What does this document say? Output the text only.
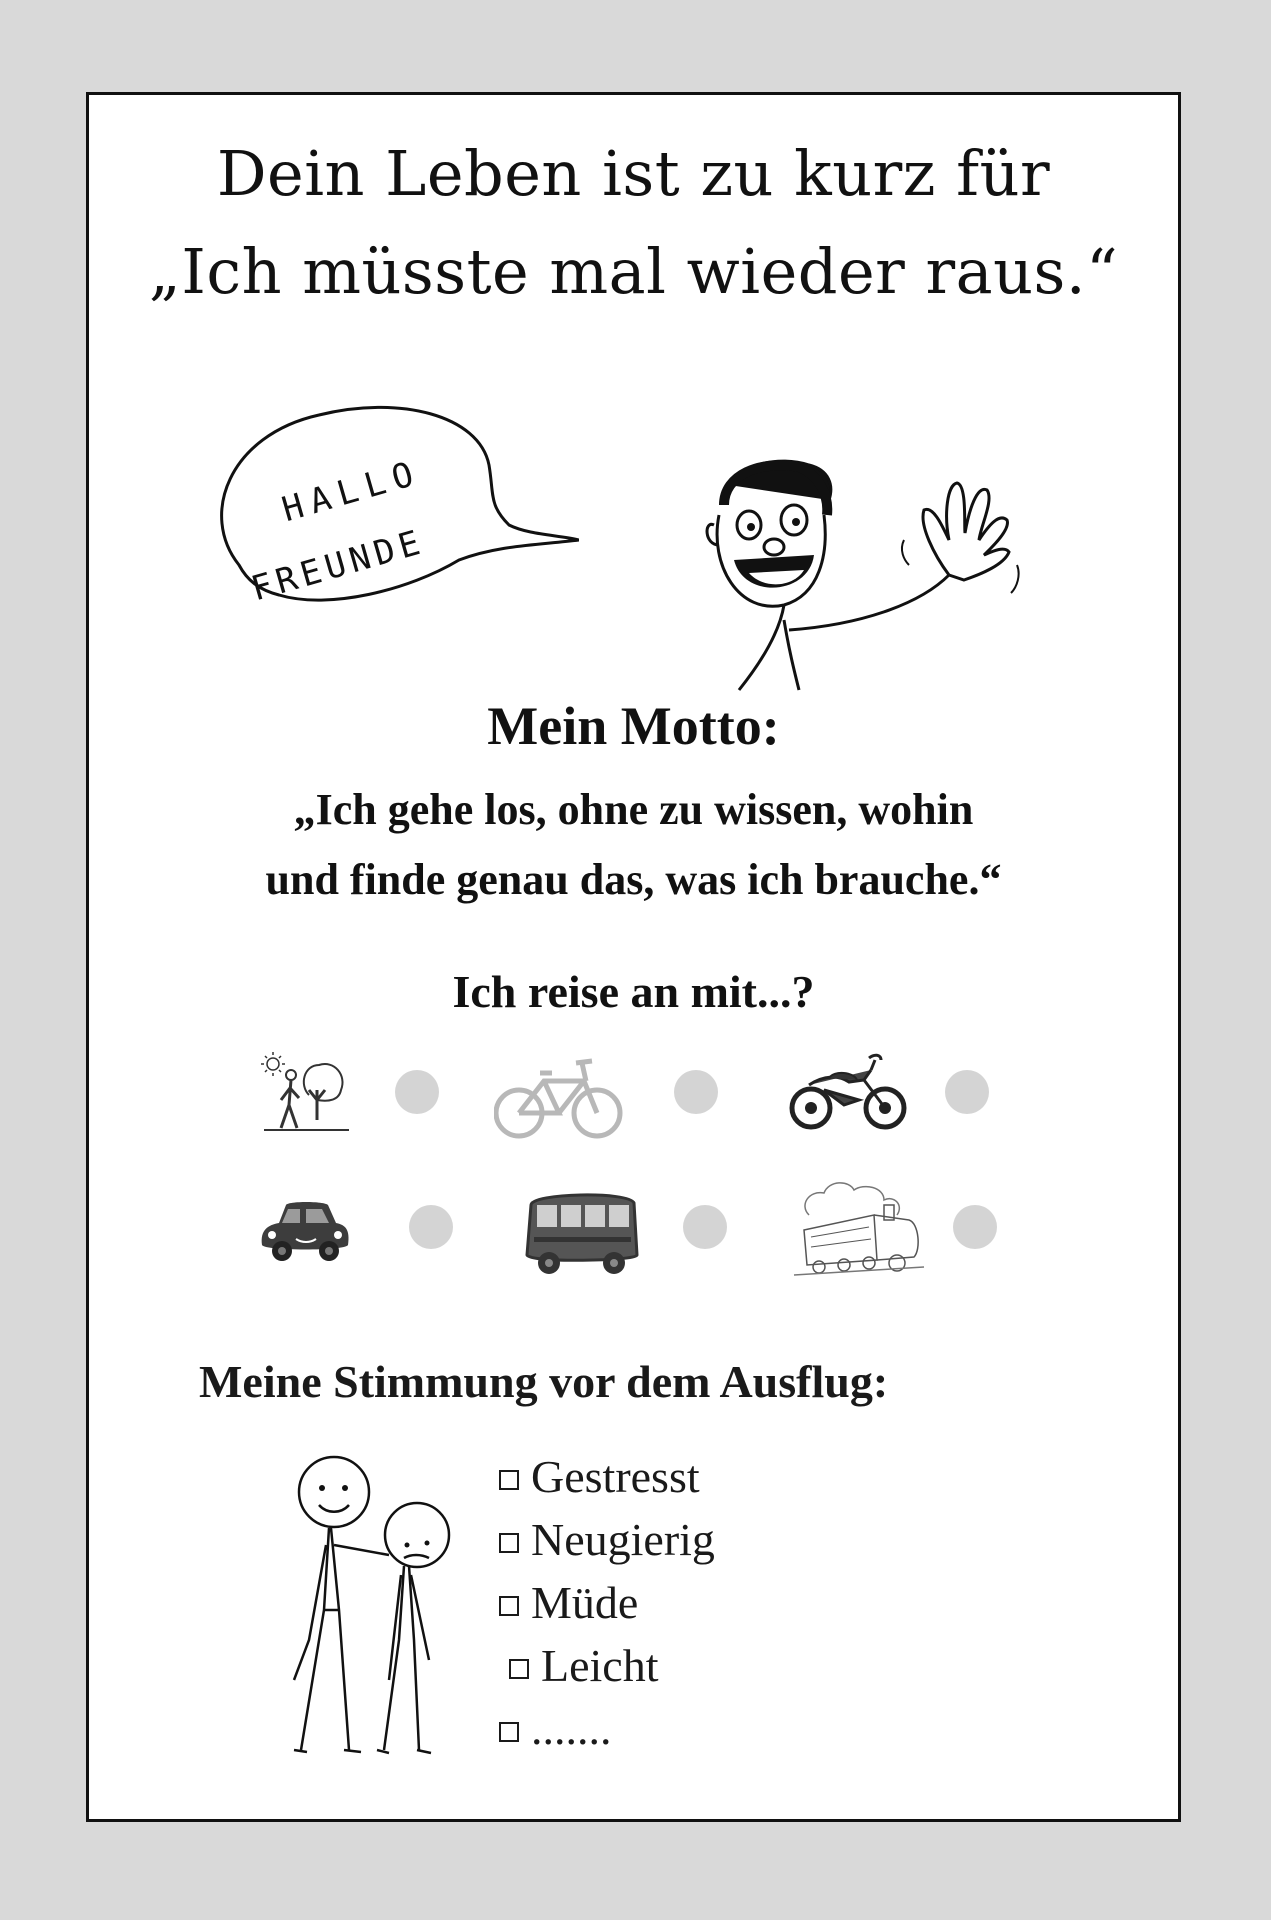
Dein Leben ist zu kurz für
„Ich müsste mal wieder raus.“
HALLO
FREUNDE
Mein Motto:
„Ich gehe los, ohne zu wissen, wohin
und finde genau das, was ich brauche.“
Ich reise an mit...?
Meine Stimmung vor dem Ausflug:
Gestresst
Neugierig
Müde
Leicht
.......
